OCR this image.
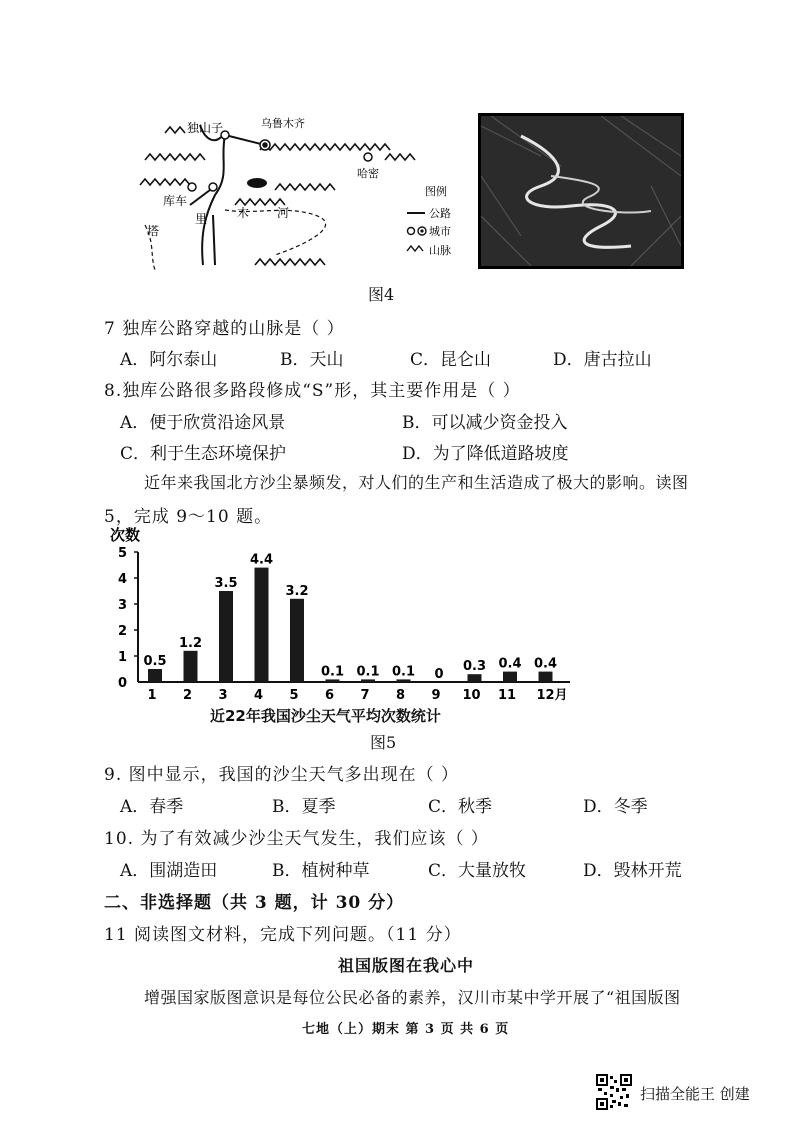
独山子	乌鲁木齐
哈密
库车
塔
里 木 河
图例
公路
城市
山脉
图4
7 独库公路穿越的山脉是（ ）
A．阿尔泰山	B．天山	C．昆仑山	D．唐古拉山
8.独库公路很多路段修成“S”形，其主要作用是（ ）
A．便于欣赏沿途风景	B．可以减少资金投入
C．利于生态环境保护	D．为了降低道路坡度
近年来我国北方沙尘暴频发，对人们的生产和生活造成了极大的影响。读图
5，完成 9～10 题。
次数
0
1
2
3
4
5
0.5
1.2
3.5
4.4
3.2
0.1 0.1 0.1 0
0.3 0.4 0.4
1 2 3 4 5 6 7 8 9 10 11 12月
近22年我国沙尘天气平均次数统计
图5
9. 图中显示，我国的沙尘天气多出现在（ ）
A．春季	B．夏季	C．秋季	D．冬季
10. 为了有效减少沙尘天气发生，我们应该（ ）
A．围湖造田	B．植树种草	C．大量放牧	D．毁林开荒
二、非选择题（共 3 题，计 30 分）
11 阅读图文材料，完成下列问题。（11 分）
祖国版图在我心中
增强国家版图意识是每位公民必备的素养，汉川市某中学开展了“祖国版图
七地（上）期末 第 3 页 共 6 页
扫描全能王 创建
